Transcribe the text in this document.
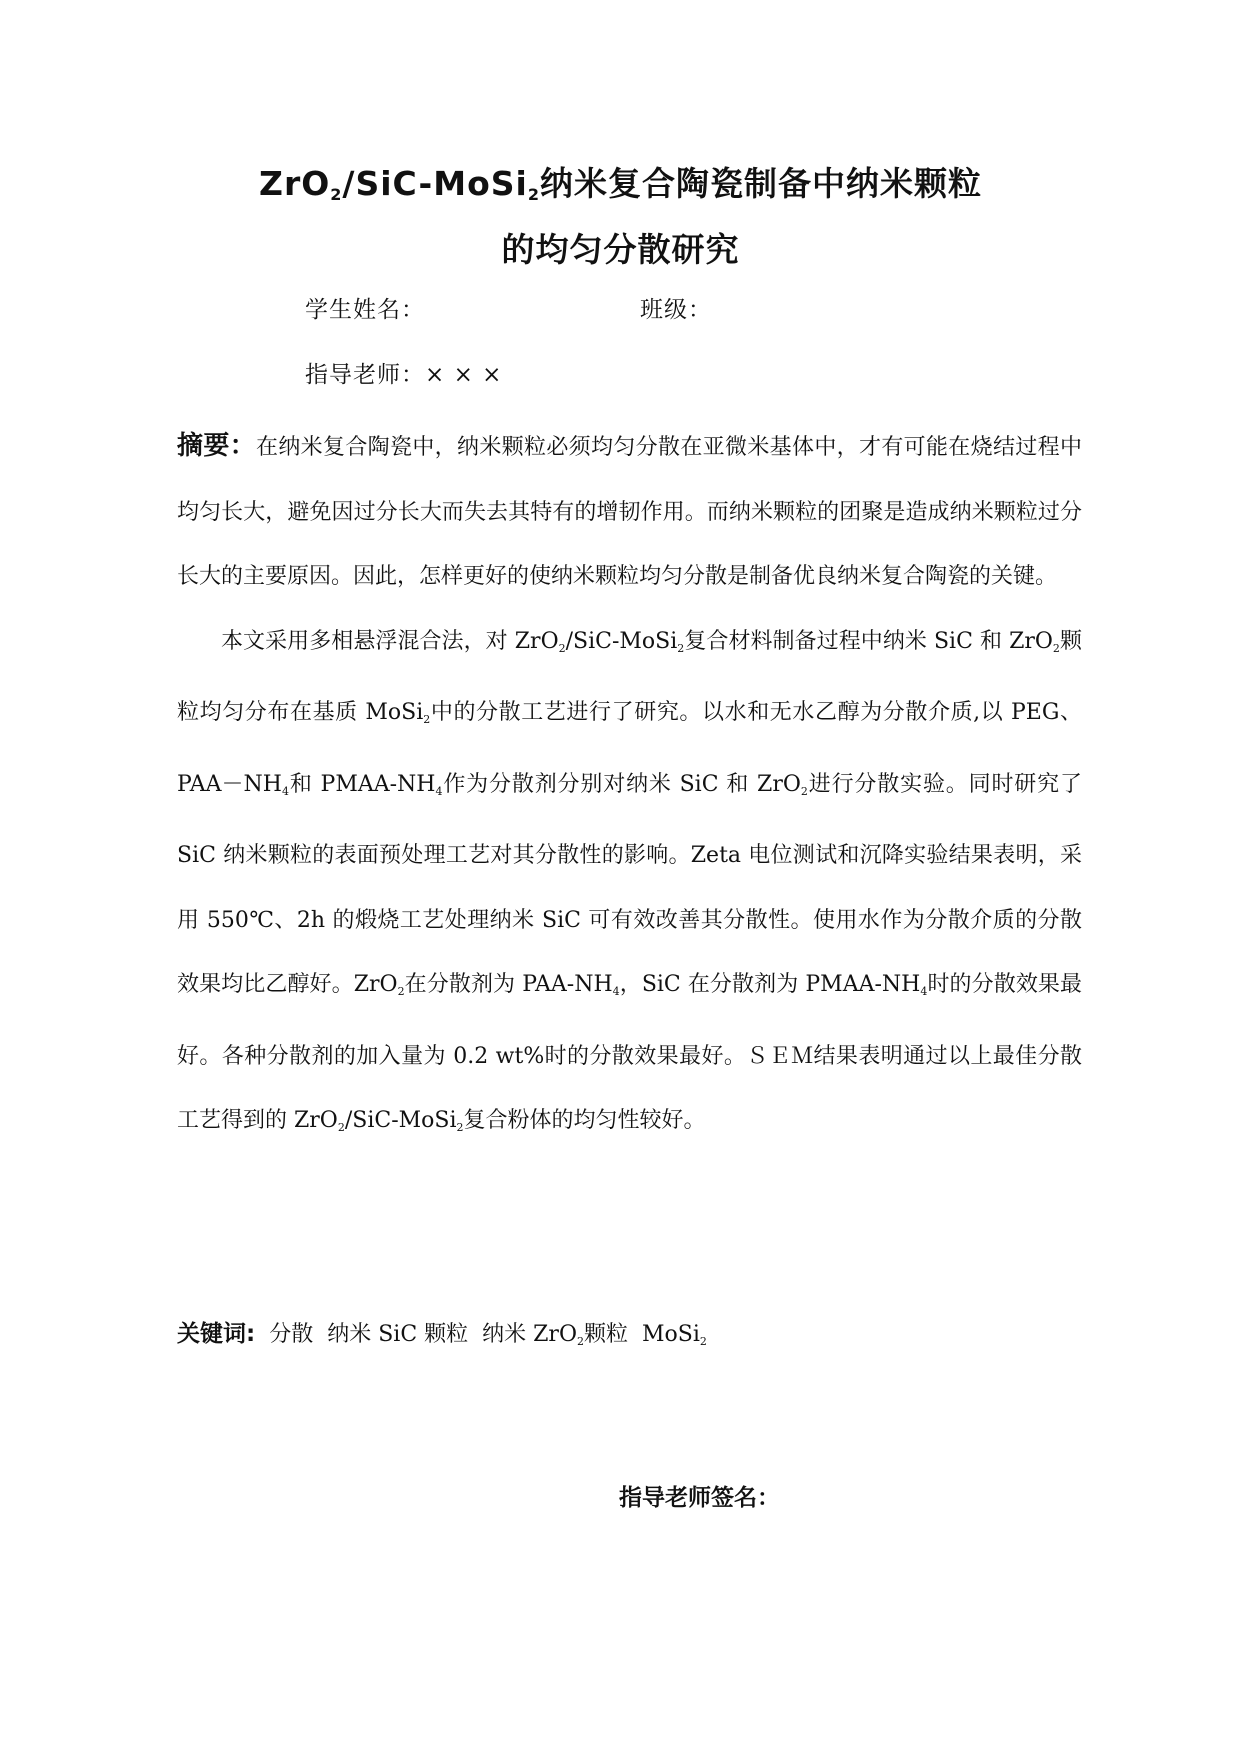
ZrO$_2$/SiC-MoSi$_2$纳米复合陶瓷制备中纳米颗粒
的均匀分散研究
学生姓名：	班级：
指导老师：× × ×

摘要：在纳米复合陶瓷中，纳米颗粒必须均匀分散在亚微米基体中，才有可能在烧结过程中均匀长大，避免因过分长大而失去其特有的增韧作用。而纳米颗粒的团聚是造成纳米颗粒过分长大的主要原因。因此，怎样更好的使纳米颗粒均匀分散是制备优良纳米复合陶瓷的关键。

本文采用多相悬浮混合法，对 ZrO$_2$/SiC-MoSi$_2$复合材料制备过程中纳米 SiC 和 ZrO$_2$颗粒均匀分布在基质 MoSi$_2$中的分散工艺进行了研究。以水和无水乙醇为分散介质,以 PEG、$PAA-NH_4$和 PMAA-$NH_4$作为分散剂分别对纳米 SiC 和 ZrO$_2$进行分散实验。同时研究了 SiC 纳米颗粒的表面预处理工艺对其分散性的影响。Zeta 电位测试和沉降实验结果表明，采用 550℃、2h 的煅烧工艺处理纳米 SiC 可有效改善其分散性。使用水作为分散介质的分散效果均比乙醇好。ZrO$_2$在分散剂为 PAA-$NH_4$，SiC 在分散剂为 PMAA-$NH_4$时的分散效果最好。各种分散剂的加入量为 0.2 wt%时的分散效果最好。ＳＥＭ结果表明通过以上最佳分散工艺得到的 ZrO$_2$/SiC-MoSi$_2$复合粉体的均匀性较好。

关键词: 分散 纳米 SiC 颗粒 纳米 ZrO$_2$颗粒 MoSi$_2$
指导老师签名：
